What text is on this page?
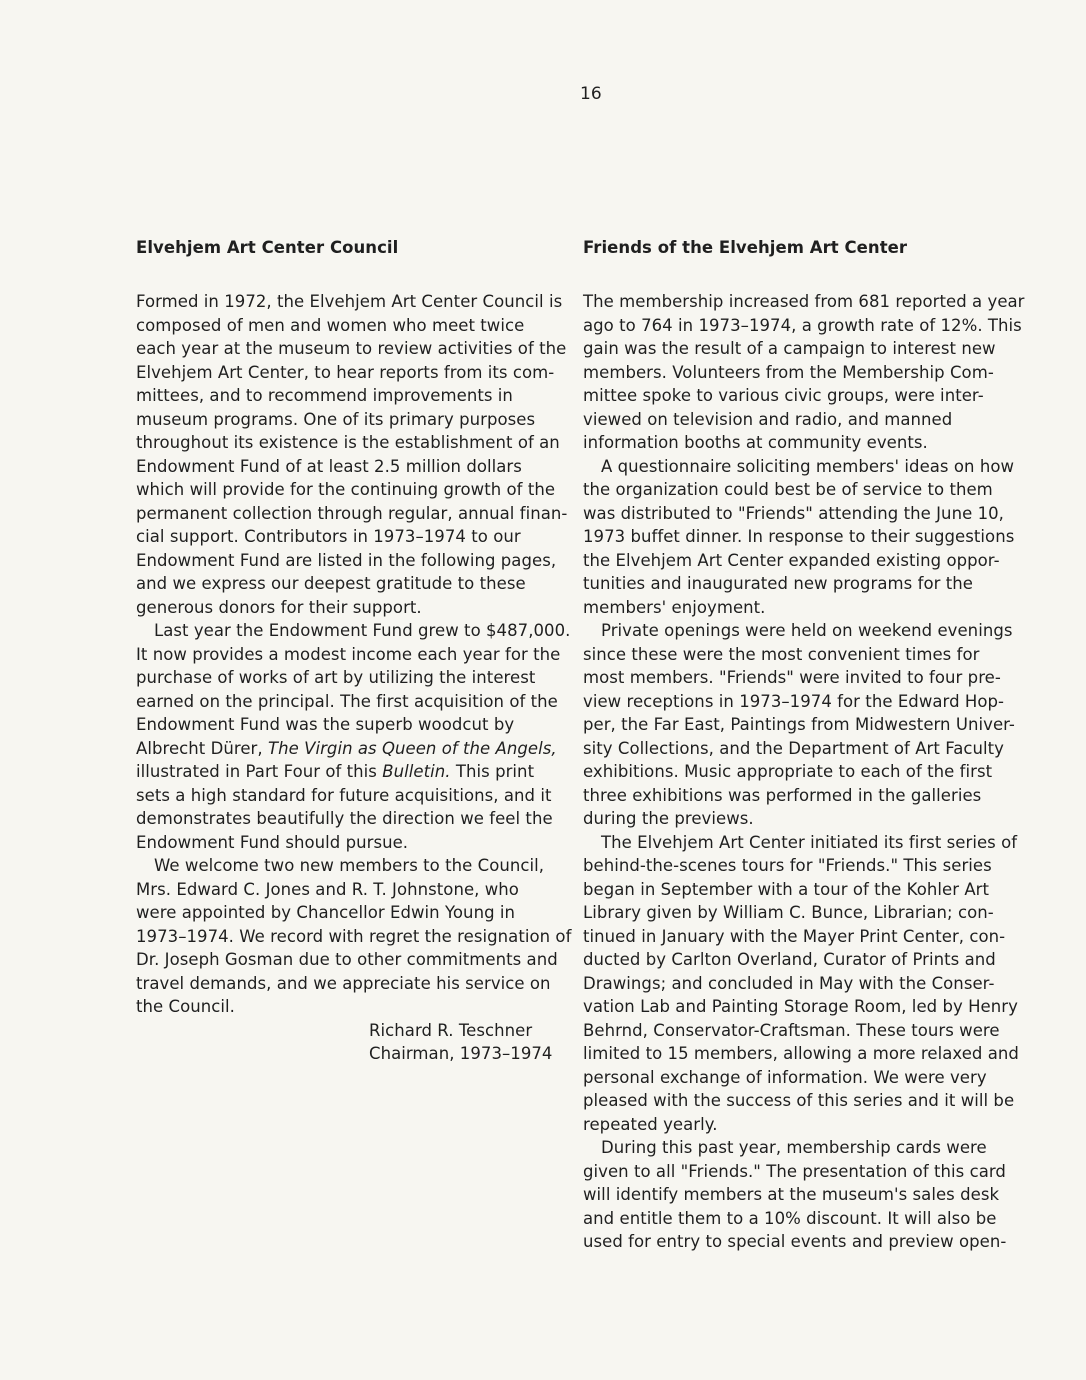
16
Elvehjem Art Center Council
Formed in 1972, the Elvehjem Art Center Council is
composed of men and women who meet twice
each year at the museum to review activities of the
Elvehjem Art Center, to hear reports from its com-
mittees, and to recommend improvements in
museum programs. One of its primary purposes
throughout its existence is the establishment of an
Endowment Fund of at least 2.5 million dollars
which will provide for the continuing growth of the
permanent collection through regular, annual finan-
cial support. Contributors in 1973–1974 to our
Endowment Fund are listed in the following pages,
and we express our deepest gratitude to these
generous donors for their support.
Last year the Endowment Fund grew to $487,000.
It now provides a modest income each year for the
purchase of works of art by utilizing the interest
earned on the principal. The first acquisition of the
Endowment Fund was the superb woodcut by
Albrecht Dürer, The Virgin as Queen of the Angels,
illustrated in Part Four of this Bulletin. This print
sets a high standard for future acquisitions, and it
demonstrates beautifully the direction we feel the
Endowment Fund should pursue.
We welcome two new members to the Council,
Mrs. Edward C. Jones and R. T. Johnstone, who
were appointed by Chancellor Edwin Young in
1973–1974. We record with regret the resignation of
Dr. Joseph Gosman due to other commitments and
travel demands, and we appreciate his service on
the Council.
Richard R. Teschner
Chairman, 1973–1974
Friends of the Elvehjem Art Center
The membership increased from 681 reported a year
ago to 764 in 1973–1974, a growth rate of 12%. This
gain was the result of a campaign to interest new
members. Volunteers from the Membership Com-
mittee spoke to various civic groups, were inter-
viewed on television and radio, and manned
information booths at community events.
A questionnaire soliciting members' ideas on how
the organization could best be of service to them
was distributed to "Friends" attending the June 10,
1973 buffet dinner. In response to their suggestions
the Elvehjem Art Center expanded existing oppor-
tunities and inaugurated new programs for the
members' enjoyment.
Private openings were held on weekend evenings
since these were the most convenient times for
most members. "Friends" were invited to four pre-
view receptions in 1973–1974 for the Edward Hop-
per, the Far East, Paintings from Midwestern Univer-
sity Collections, and the Department of Art Faculty
exhibitions. Music appropriate to each of the first
three exhibitions was performed in the galleries
during the previews.
The Elvehjem Art Center initiated its first series of
behind-the-scenes tours for "Friends." This series
began in September with a tour of the Kohler Art
Library given by William C. Bunce, Librarian; con-
tinued in January with the Mayer Print Center, con-
ducted by Carlton Overland, Curator of Prints and
Drawings; and concluded in May with the Conser-
vation Lab and Painting Storage Room, led by Henry
Behrnd, Conservator-Craftsman. These tours were
limited to 15 members, allowing a more relaxed and
personal exchange of information. We were very
pleased with the success of this series and it will be
repeated yearly.
During this past year, membership cards were
given to all "Friends." The presentation of this card
will identify members at the museum's sales desk
and entitle them to a 10% discount. It will also be
used for entry to special events and preview open-
